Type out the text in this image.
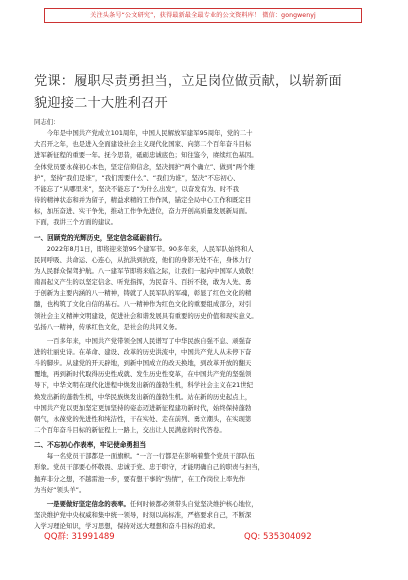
关注头条号“公文研究”，获得最新最全最专业的公文资料库！ 微信：gongwenyj
党课：履职尽责勇担当，立足岗位做贡献，以崭新面
貌迎接二十大胜利召开

同志们：

今年是中国共产党成立101周年，中国人民解放军建军95周年，党的二十
大召开之年，也是进入全面建设社会主义现代化国家、向第二个百年奋斗目标
进军新征程的重要一年。抚今思昔，砥砺忠诚底色；知往鉴今，赓续红色基因。
全体党员要永葆初心本色，坚定信仰信念，坚决拥护“两个确立”、做到“两个维
护”，坚持“我们是谁”，“我们需要什么”、“我们为谁”，坚决“不忘初心、
不能忘了“从哪里来”，坚决不能忘了“为什么出发”，以奋发有为、时不我
待的精神状态和并为留子，精益求精的工作作风，锚定全局中心工作和既定目
标，加压奋进、实干争先，推动工作争先进位，奋力开创高质量发展新局面。
下面，我讲三个方面的建议。

一、回顾党的光辉历史，坚定信念砥砺前行。

2022年8月1日，即将迎来第95个建军节。90多年来，人民军队始终和人
民同呼吸、共命运、心连心，从抗洪到抗疫，他们的身影无处不在，身体力行
为人民群众保驾护航。八一建军节即将来临之际，让我们一起向中国军人致敬！
南昌起义产生的以坚定信念、听党指挥，为民奋斗、百折不挠，敢为人先、勇
于创新为主要内涵的八一精神，铸就了人民军队的军魂，彰显了红色文化的精
髓，也构筑了文化自信的基石。八一精神作为红色文化的重要组成部分，对引
领社会主义精神文明建设，促进社会和谐发展具有重要的历史价值和现实意义。
弘扬八一精神，传承红色文化，是社会的共同义务。
一百多年来，中国共产党带领全国人民谱写了中华民族自强不息、顽强奋
进的壮丽史诗。在革命、建设、改革的历史洪流中，中国共产党人从未停下奋
斗的脚步。从建党的开天辟地，到新中国成立的改天换地，到改革开放的翻天
覆地，再到新时代取得历史性成就、发生历史性变革，在中国共产党的坚强领
导下，中华文明在现代化进程中焕发出新的蓬勃生机，科学社会主义在21世纪
焕发出新的蓬勃生机，中华民族焕发出新的蓬勃生机。站在新的历史起点上，
中国共产党以更加坚定更加坚持的姿态迈进新征程建功新时代，始终保持蓬勃
朝气，永葆党的先进性和纯洁性，干在实处、走在前列、勇立潮头，在实现第
二个百年奋斗目标的新征程上一路上，交出让人民满意的时代答卷。

二、不忘初心作表率，牢记使命勇担当

每一名党员干部都是一面旗帜。“一言一行都是在影响着整个党员干部队伍
形象。党员干部要心怀敬畏、忠诚于党、忠于职守，才能明确自己的职责与担当，
抛弃非分之想，不越雷池一步，要有想干事的“热情”，在工作岗位上率先作
为当好“领头羊”。
一是要做好坚定信念的表率。任何时候都必须带头自觉坚决维护核心地位，
坚决维护党中央权威和集中统一领导，时刻以高标准，严格要求自己，不断深
入学习理论知识，学习思想，保持对远大理想和奋斗目标的追求。
QQ群: 31991489	QQ: 535304092
